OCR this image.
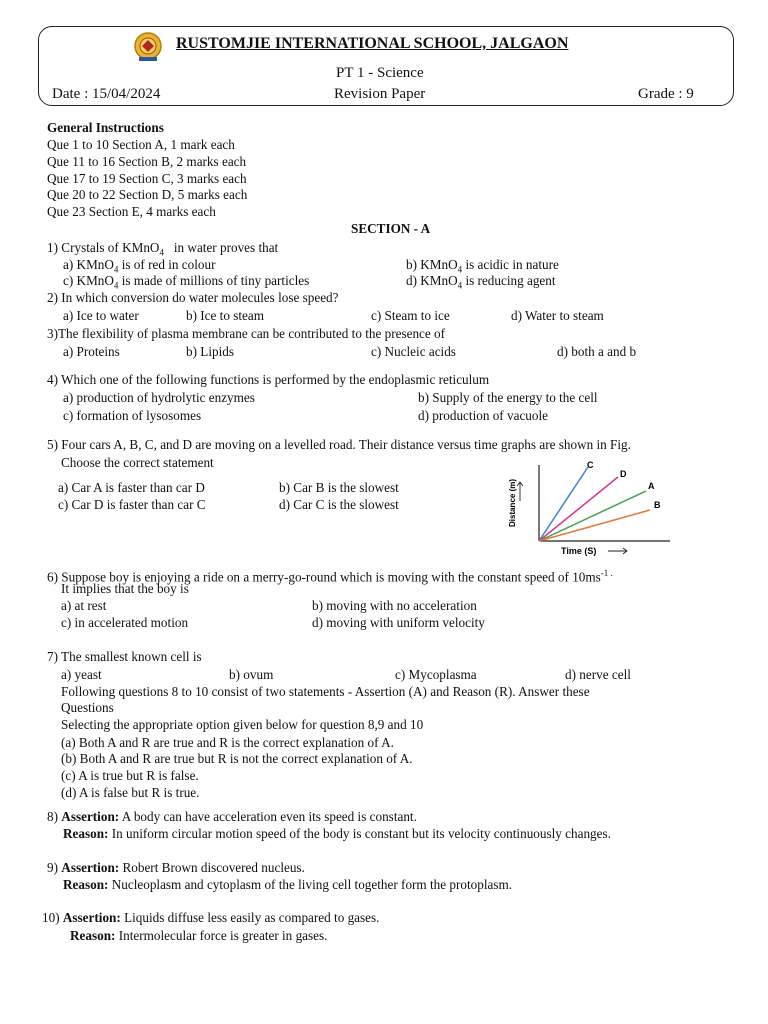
RUSTOMJIE INTERNATIONAL SCHOOL, JALGAON
PT 1 - Science
Date : 15/04/2024	Revision Paper	Grade : 9
General Instructions
Que 1 to 10 Section A, 1 mark each
Que 11 to 16 Section B, 2 marks each
Que 17 to 19 Section C, 3 marks each
Que 20 to 22 Section D, 5 marks each
Que 23 Section E, 4 marks each
SECTION - A
1) Crystals of KMnO$_4$   in water proves that
a) KMnO$_4$ is of red in colour	b) KMnO$_4$ is acidic in nature
c) KMnO$_4$ is made of millions of tiny particles	d) KMnO$_4$ is reducing agent
2) In which conversion do water molecules lose speed?
a) Ice to water	b) Ice to steam	c) Steam to ice	d) Water to steam
3)The flexibility of plasma membrane can be contributed to the presence of
a) Proteins	b) Lipids	c) Nucleic acids	d) both a and b
4) Which one of the following functions is performed by the endoplasmic reticulum
a) production of hydrolytic enzymes	b) Supply of the energy to the cell
c) formation of lysosomes	d) production of vacuole
5) Four cars A, B, C, and D are moving on a levelled road. Their distance versus time graphs are shown in Fig.
Choose the correct statement
a) Car A is faster than car D	b) Car B is the slowest
c) Car D is faster than car C	d) Car C is the slowest
C
D
A
B
Time (S)
Distance (m)
6) Suppose boy is enjoying a ride on a merry-go-round which is moving with the constant speed of $10ms^{-1 .}$
It implies that the boy is
a) at rest	b) moving with no acceleration
c) in accelerated motion	d) moving with uniform velocity
7) The smallest known cell is
a) yeast	b) ovum	c) Mycoplasma	d) nerve cell
Following questions 8 to 10 consist of two statements - Assertion (A) and Reason (R). Answer these
Questions
Selecting the appropriate option given below for question 8,9 and 10
(a) Both A and R are true and R is the correct explanation of A.
(b) Both A and R are true but R is not the correct explanation of A.
(c) A is true but R is false.
(d) A is false but R is true.
8) Assertion: A body can have acceleration even its speed is constant.
Reason: In uniform circular motion speed of the body is constant but its velocity continuously changes.
9) Assertion: Robert Brown discovered nucleus.
Reason: Nucleoplasm and cytoplasm of the living cell together form the protoplasm.
10) Assertion: Liquids diffuse less easily as compared to gases.
Reason: Intermolecular force is greater in gases.
